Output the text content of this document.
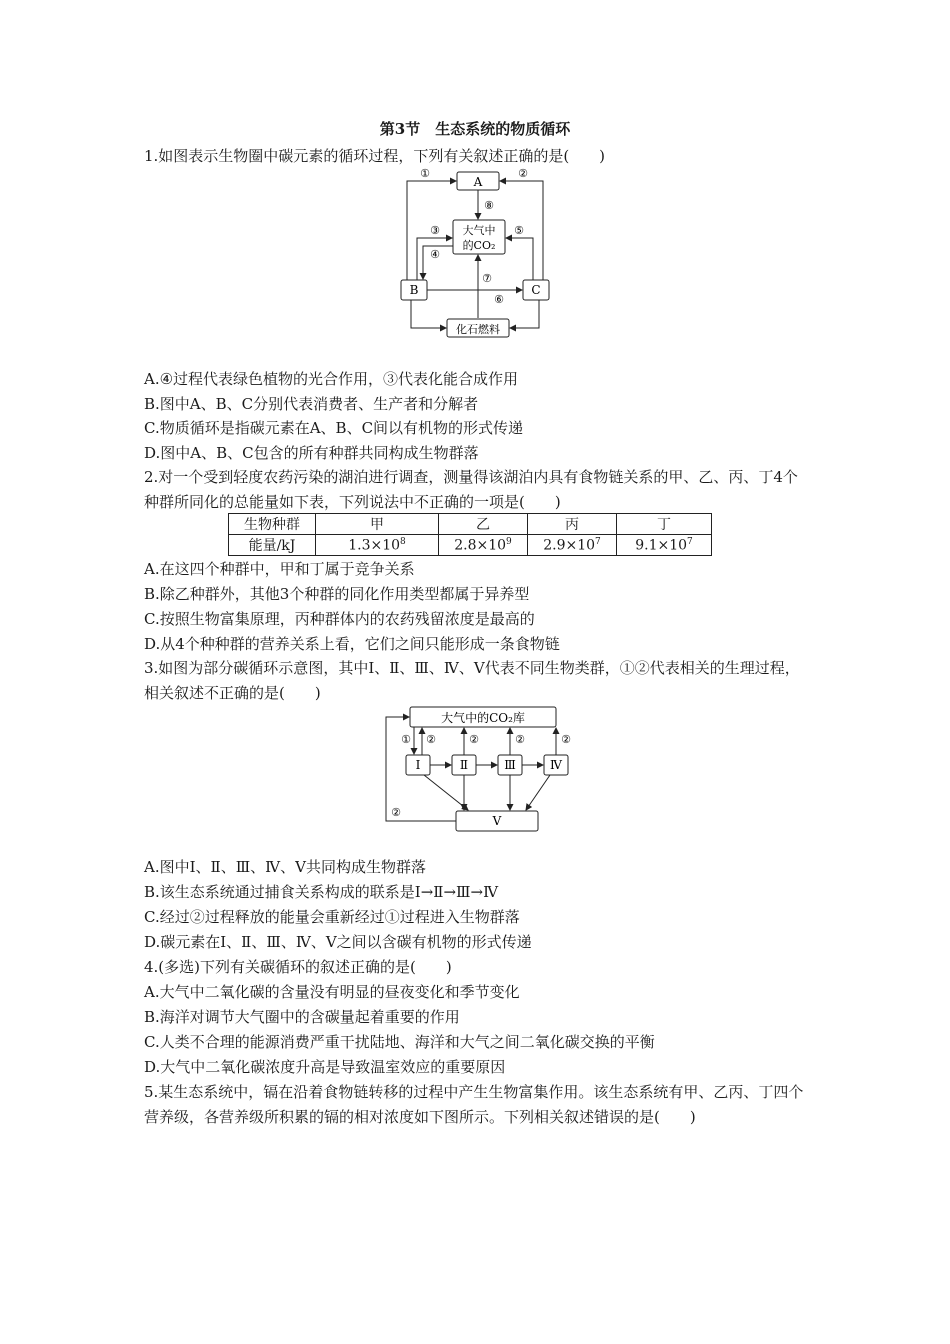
第3节　生态系统的物质循环
1.如图表示生物圈中碳元素的循环过程，下列有关叙述正确的是(　　)
A
大气中
的CO₂
B	C
化石燃料
①	②
③
④
⑤
⑥
⑦
⑧
A.④过程代表绿色植物的光合作用，③代表化能合成作用
B.图中A、B、C分别代表消费者、生产者和分解者
C.物质循环是指碳元素在A、B、C间以有机物的形式传递
D.图中A、B、C包含的所有种群共同构成生物群落
2.对一个受到轻度农药污染的湖泊进行调查，测量得该湖泊内具有食物链关系的甲、乙、丙、丁4个种群所同化的总能量如下表，下列说法中不正确的一项是(　　)
生物种群	甲	乙	丙	丁
能量/kJ	$1.3\times 10^8$	$2.8\times 10^9$	$2.9\times 10^7$	$9.1\times 10^7$
A.在这四个种群中，甲和丁属于竞争关系
B.除乙种群外，其他3个种群的同化作用类型都属于异养型
C.按照生物富集原理，丙种群体内的农药残留浓度是最高的
D.从4个种种群的营养关系上看，它们之间只能形成一条食物链
3.如图为部分碳循环示意图，其中Ⅰ、Ⅱ、Ⅲ、Ⅳ、Ⅴ代表不同生物类群，①②代表相关的生理过程，相关叙述不正确的是(　　)
大气中的CO₂库
Ⅰ	Ⅱ	Ⅲ	Ⅳ
Ⅴ
① ②	②	②	②
②
A.图中Ⅰ、Ⅱ、Ⅲ、Ⅳ、Ⅴ共同构成生物群落
B.该生态系统通过捕食关系构成的联系是Ⅰ→Ⅱ→Ⅲ→Ⅳ
C.经过②过程释放的能量会重新经过①过程进入生物群落
D.碳元素在Ⅰ、Ⅱ、Ⅲ、Ⅳ、Ⅴ之间以含碳有机物的形式传递
4.(多选)下列有关碳循环的叙述正确的是(　　)
A.大气中二氧化碳的含量没有明显的昼夜变化和季节变化
B.海洋对调节大气圈中的含碳量起着重要的作用
C.人类不合理的能源消费严重干扰陆地、海洋和大气之间二氧化碳交换的平衡
D.大气中二氧化碳浓度升高是导致温室效应的重要原因
5.某生态系统中，镉在沿着食物链转移的过程中产生生物富集作用。该生态系统有甲、乙丙、丁四个营养级，各营养级所积累的镉的相对浓度如下图所示。下列相关叙述错误的是(　　)
